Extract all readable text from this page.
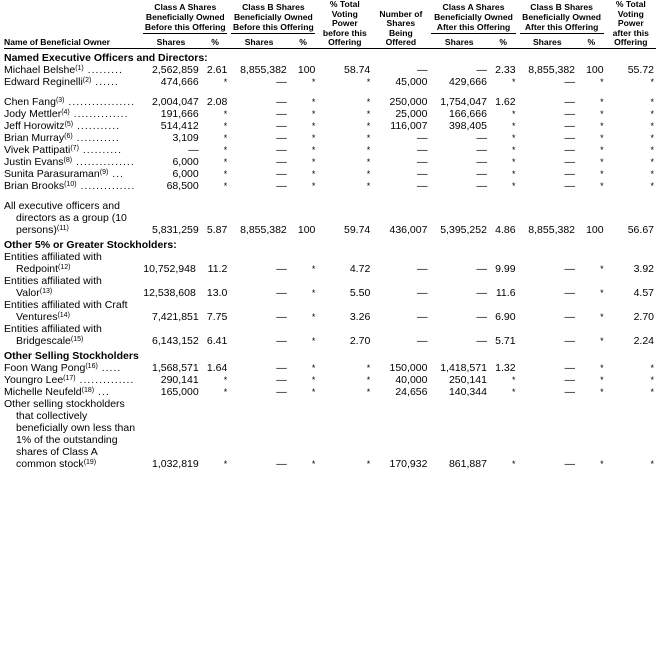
Name of Beneficial Owner	Class A Shares Beneficially Owned Before this Offering		Class B Shares Beneficially Owned Before this Offering		% Total Voting Power before this Offering	Number of Shares Being Offered	Class A Shares Beneficially Owned After this Offering		Class B Shares Beneficially Owned After this Offering		% Total Voting Power after this Offering
	Shares	%	Shares	%			Shares	%	Shares	%	

Named Executive Officers and Directors:											

Michael Belshe$^{(1)}$ .........	2,562,859	2.61	8,855,382	100	58.74	—	—	2.33	8,855,382	100	55.72

Edward Reginelli$^{(2)}$ ......	474,666	*	—	*	*	45,000	429,666	*	—	*	*

Chen Fang$^{(3)}$ .................	2,004,047	2.08	—	*	*	250,000	1,754,047	1.62	—	*	*

Jody Mettler$^{(4)}$ ..............	191,666	*	—	*	*	25,000	166,666	*	—	*	*

Jeff Horowitz$^{(5)}$ ...........	514,412	*	—	*	*	116,007	398,405	*	—	*	*

Brian Murray$^{(6)}$ ...........	3,109	*	—	*	*	—	—	*	—	*	*

Vivek Pattipati$^{(7)}$ ..........	—	*	—	*	*	—	—	*	—	*	*

Justin Evans$^{(8)}$ ...............	6,000	*	—	*	*	—	—	*	—	*	*

Sunita Parasuraman$^{(9)}$ ...	6,000	*	—	*	*	—	—	*	—	*	*

Brian Brooks$^{(10)}$ ..............	68,500	*	—	*	*	—	—	*	—	*	*

All executive officers and directors as a group (10 persons)$^{(11)}$	5,831,259	5.87	8,855,382	100	59.74	436,007	5,395,252	4.86	8,855,382	100	56.67

Other 5% or Greater Stockholders:											

Entities affiliated with Redpoint$^{(12)}$	10,752,948	11.2	—	*	4.72	—	—	9.99	—	*	3.92

Entities affiliated with Valor$^{(13)}$	12,538,608	13.0	—	*	5.50	—	—	11.6	—	*	4.57

Entities affiliated with Craft Ventures$^{(14)}$	7,421,851	7.75	—	*	3.26	—	—	6.90	—	*	2.70

Entities affiliated with Bridgescale$^{(15)}$	6,143,152	6.41	—	*	2.70	—	—	5.71	—	*	2.24

Other Selling Stockholders											

Foon Wang Pong$^{(16)}$ .....	1,568,571	1.64	—	*	*	150,000	1,418,571	1.32	—	*	*

Youngro Lee$^{(17)}$ ..............	290,141	*	—	*	*	40,000	250,141	*	—	*	*

Michelle Neufeld$^{(18)}$ ...	165,000	*	—	*	*	24,656	140,344	*	—	*	*

Other selling stockholders that collectively beneficially own less than 1% of the outstanding shares of Class A common stock$^{(19)}$	1,032,819	*	—	*	*	170,932	861,887	*	—	*	*
